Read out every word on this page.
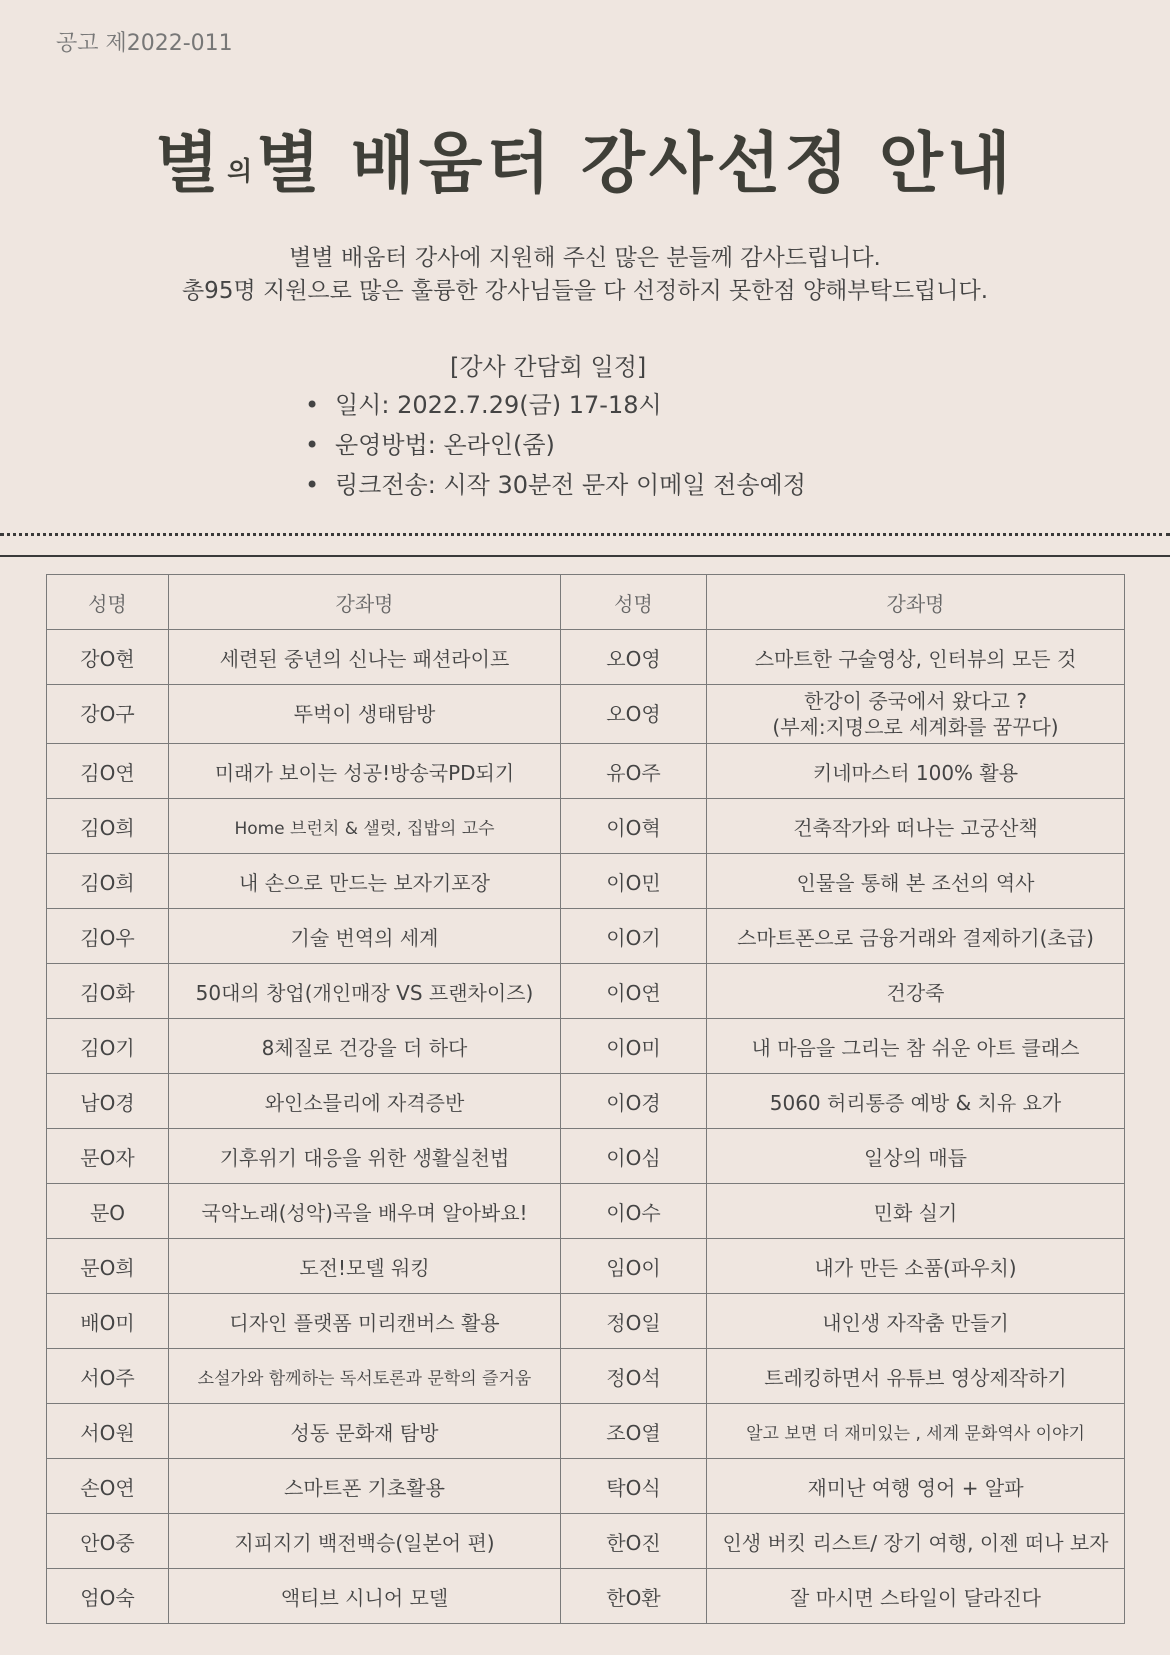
공고 제2022-011
별의별 배움터 강사선정 안내
별별 배움터 강사에 지원해 주신 많은 분들께 감사드립니다.
총95명 지원으로 많은 훌륭한 강사님들을 다 선정하지 못한점 양해부탁드립니다.
[강사 간담회 일정]
• 일시: 2022.7.29(금) 17-18시
• 운영방법: 온라인(줌)
• 링크전송: 시작 30분전 문자 이메일 전송예정
성명	강좌명	성명	강좌명
강O현	세련된 중년의 신나는 패션라이프	오O영	스마트한 구술영상, 인터뷰의 모든 것
강O구	뚜벅이 생태탐방	오O영	한강이 중국에서 왔다고 ?
(부제:지명으로 세계화를 꿈꾸다)

김O연	미래가 보이는 성공!방송국PD되기	유O주	키네마스터 100% 활용
김O희	Home 브런치 & 샐럿, 집밥의 고수	이O혁	건축작가와 떠나는 고궁산책
김O희	내 손으로 만드는 보자기포장	이O민	인물을 통해 본 조선의 역사
김O우	기술 번역의 세계	이O기	스마트폰으로 금융거래와 결제하기(초급)
김O화	50대의 창업(개인매장 VS 프랜차이즈)	이O연	건강죽
김O기	8체질로 건강을 더 하다	이O미	내 마음을 그리는 참 쉬운 아트 클래스
남O경	와인소믈리에 자격증반	이O경	5060 허리통증 예방 & 치유 요가
문O자	기후위기 대응을 위한 생활실천법	이O심	일상의 매듭
문O	국악노래(성악)곡을 배우며 알아봐요!	이O수	민화 실기
문O희	도전!모델 워킹	임O이	내가 만든 소품(파우치)
배O미	디자인 플랫폼 미리캔버스 활용	정O일	내인생 자작춤 만들기
서O주	소설가와 함께하는 독서토론과 문학의 즐거움	정O석	트레킹하면서 유튜브 영상제작하기
서O원	성동 문화재 탐방	조O열	알고 보면 더 재미있는 , 세계 문화역사 이야기
손O연	스마트폰 기초활용	탁O식	재미난 여행 영어 + 알파
안O중	지피지기 백전백승(일본어 편)	한O진	인생 버킷 리스트/ 장기 여행, 이젠 떠나 보자
엄O숙	액티브 시니어 모델	한O환	잘 마시면 스타일이 달라진다
